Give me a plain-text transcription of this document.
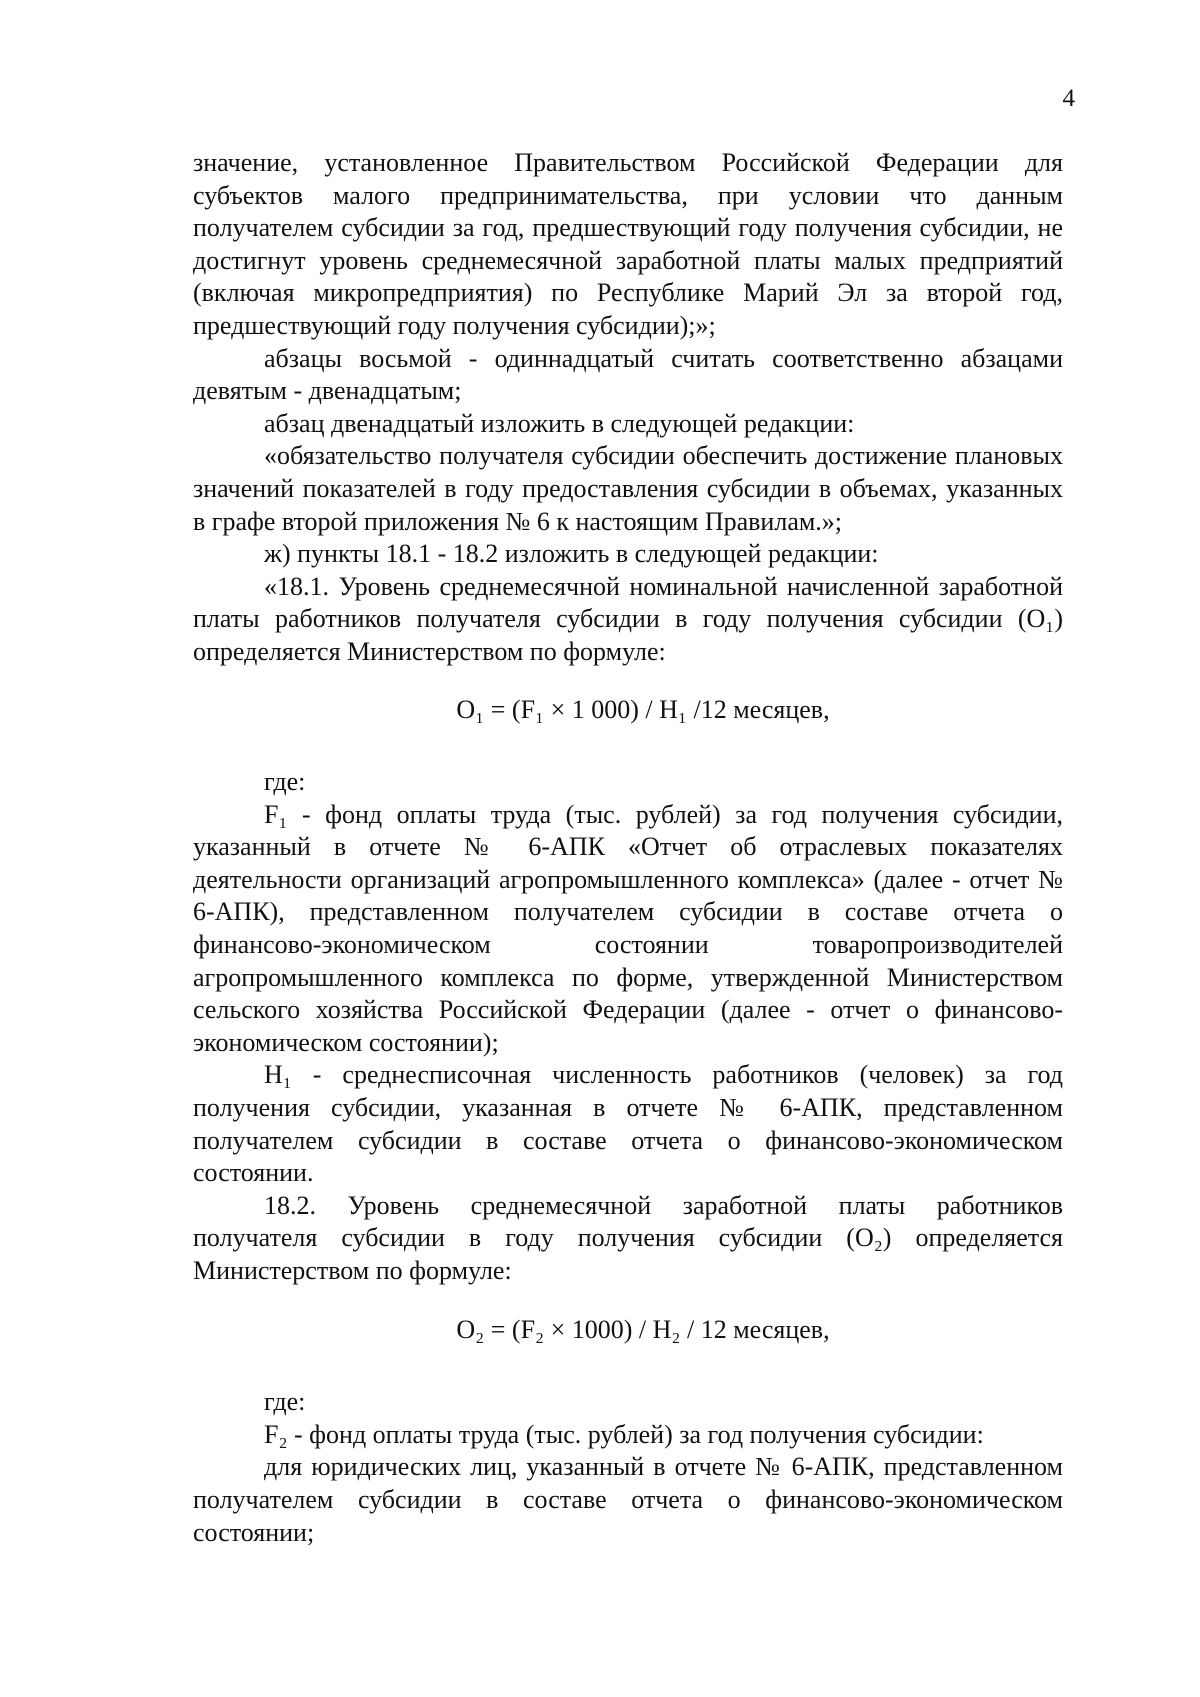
4

значение, установленное Правительством Российской Федерации для субъектов малого предпринимательства, при условии что данным получателем субсидии за год, предшествующий году получения субсидии, не достигнут уровень среднемесячной заработной платы малых предприятий (включая микропредприятия) по Республике Марий Эл за второй год, предшествующий году получения субсидии);»;

абзацы восьмой - одиннадцатый считать соответственно абзацами девятым - двенадцатым;

абзац двенадцатый изложить в следующей редакции:

«обязательство получателя субсидии обеспечить достижение плановых значений показателей в году предоставления субсидии в объемах, указанных в графе второй приложения № 6 к настоящим Правилам.»;

ж) пункты 18.1 - 18.2 изложить в следующей редакции:

«18.1. Уровень среднемесячной номинальной начисленной заработной платы работников получателя субсидии в году получения субсидии (O₁) определяется Министерством по формуле:

O₁ = (F₁ × 1 000) / H₁ /12 месяцев,

где:

F₁ - фонд оплаты труда (тыс. рублей) за год получения субсидии, указанный в отчете № 6-АПК «Отчет об отраслевых показателях деятельности организаций агропромышленного комплекса» (далее - отчет № 6-АПК), представленном получателем субсидии в составе отчета о финансово-экономическом состоянии товаропроизводителей агропромышленного комплекса по форме, утвержденной Министерством сельского хозяйства Российской Федерации (далее - отчет о финансово-экономическом состоянии);

H₁ - среднесписочная численность работников (человек) за год получения субсидии, указанная в отчете № 6-АПК, представленном получателем субсидии в составе отчета о финансово-экономическом состоянии.

18.2. Уровень среднемесячной заработной платы работников получателя субсидии в году получения субсидии (O₂) определяется Министерством по формуле:

O₂ = (F₂ × 1000) / H₂ / 12 месяцев,

где:

F₂ - фонд оплаты труда (тыс. рублей) за год получения субсидии:

для юридических лиц, указанный в отчете № 6-АПК, представленном получателем субсидии в составе отчета о финансово-экономическом состоянии;
